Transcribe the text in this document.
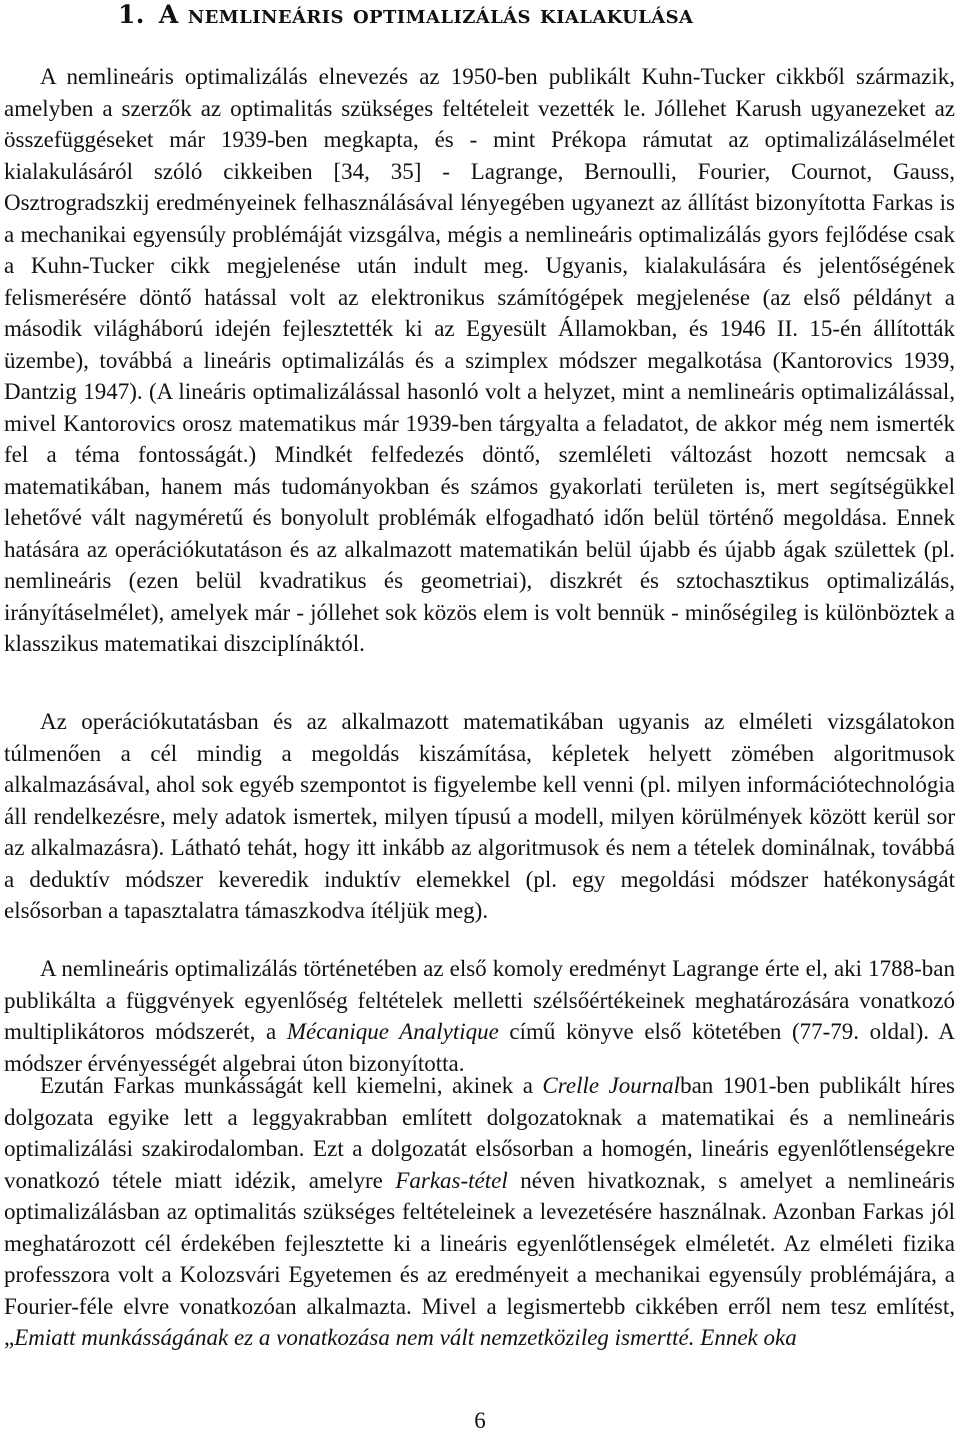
1. A nemlineáris optimalizálás kialakulása

A nemlineáris optimalizálás elnevezés az 1950-ben publikált Kuhn-Tucker cikkből származik, amelyben a szerzők az optimalitás szükséges feltételeit vezették le. Jóllehet Karush ugyanezeket az összefüggéseket már 1939-ben megkapta, és - mint Prékopa rámutat az optimalizáláselmélet kialakulásáról szóló cikkeiben [34, 35] - Lagrange, Bernoulli, Fourier, Cournot, Gauss, Osztrogradszkij eredményeinek felhasználásával lényegében ugyanezt az állítást bizonyította Farkas is a mechanikai egyensúly problémáját vizsgálva, mégis a nemlineáris optimalizálás gyors fejlődése csak a Kuhn-Tucker cikk megjelenése után indult meg. Ugyanis, kialakulására és jelentőségének felismerésére döntő hatással volt az elektronikus számítógépek megjelenése (az első példányt a második világháború idején fejlesztették ki az Egyesült Államokban, és 1946 II. 15-én állították üzembe), továbbá a lineáris optimalizálás és a szimplex módszer megalkotása (Kantorovics 1939, Dantzig 1947). (A lineáris optimalizálással hasonló volt a helyzet, mint a nemlineáris optimalizálással, mivel Kantorovics orosz matematikus már 1939-ben tárgyalta a feladatot, de akkor még nem ismerték fel a téma fontosságát.) Mindkét felfedezés döntő, szemléleti változást hozott nemcsak a matematikában, hanem más tudományokban és számos gyakorlati területen is, mert segítségükkel lehetővé vált nagyméretű és bonyolult problémák elfogadható időn belül történő megoldása. Ennek hatására az operációkutatáson és az alkalmazott matematikán belül újabb és újabb ágak születtek (pl. nemlineáris (ezen belül kvadratikus és geometriai), diszkrét és sztochasztikus optimalizálás, irányításelmélet), amelyek már - jóllehet sok közös elem is volt bennük - minőségileg is különböztek a klasszikus matematikai diszciplínáktól.

Az operációkutatásban és az alkalmazott matematikában ugyanis az elméleti vizsgálatokon túlmenően a cél mindig a megoldás kiszámítása, képletek helyett zömében algoritmusok alkalmazásával, ahol sok egyéb szempontot is figyelembe kell venni (pl. milyen információtechnológia áll rendelkezésre, mely adatok ismertek, milyen típusú a modell, milyen körülmények között kerül sor az alkalmazásra). Látható tehát, hogy itt inkább az algoritmusok és nem a tételek dominálnak, továbbá a deduktív módszer keveredik induktív elemekkel (pl. egy megoldási módszer hatékonyságát elsősorban a tapasztalatra támaszkodva ítéljük meg).

A nemlineáris optimalizálás történetében az első komoly eredményt Lagrange érte el, aki 1788-ban publikálta a függvények egyenlőség feltételek melletti szélsőértékeinek meghatározására vonatkozó multiplikátoros módszerét, a Mécanique Analytique című könyve első kötetében (77-79. oldal). A módszer érvényességét algebrai úton bizonyította.

Ezután Farkas munkásságát kell kiemelni, akinek a Crelle Journalban 1901-ben publikált híres dolgozata egyike lett a leggyakrabban említett dolgozatoknak a matematikai és a nemlineáris optimalizálási szakirodalomban. Ezt a dolgozatát elsősorban a homogén, lineáris egyenlőtlenségekre vonatkozó tétele miatt idézik, amelyre Farkas-tétel néven hivatkoznak, s amelyet a nemlineáris optimalizálásban az optimalitás szükséges feltételeinek a levezetésére használnak. Azonban Farkas jól meghatározott cél érdekében fejlesztette ki a lineáris egyenlőtlenségek elméletét. Az elméleti fizika professzora volt a Kolozsvári Egyetemen és az eredményeit a mechanikai egyensúly problémájára, a Fourier-féle elvre vonatkozóan alkalmazta. Mivel a legismertebb cikkében erről nem tesz említést, „Emiatt munkásságának ez a vonatkozása nem vált nemzetközileg ismertté. Ennek oka

6
